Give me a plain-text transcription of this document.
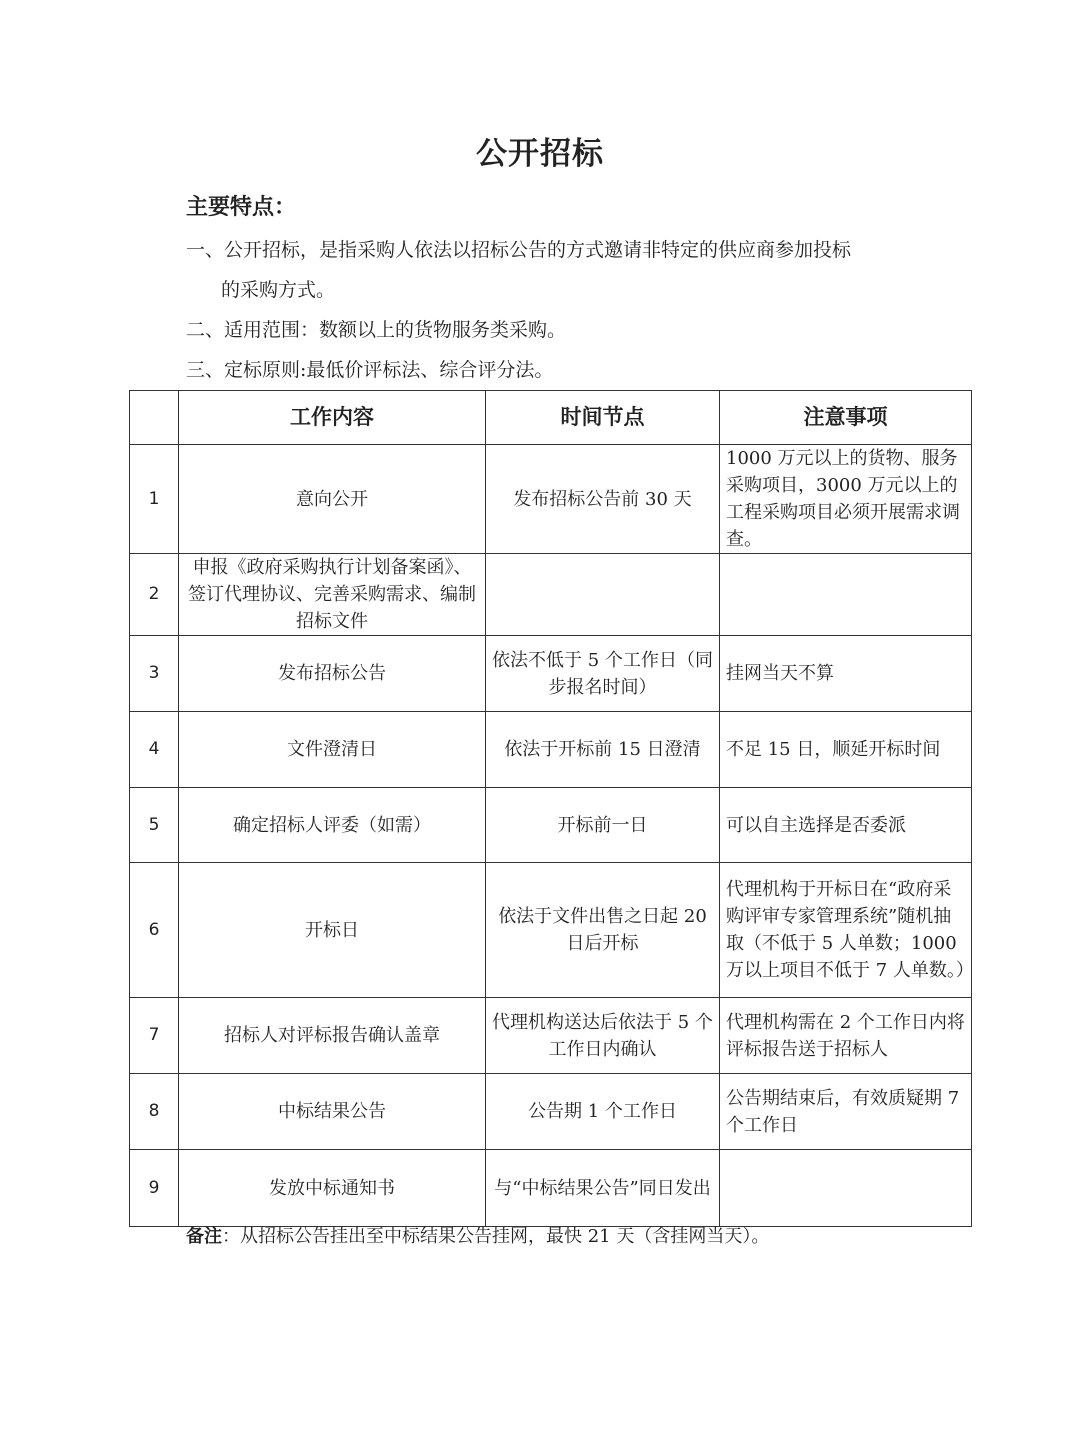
公开招标
主要特点：
一、公开招标，是指采购人依法以招标公告的方式邀请非特定的供应商参加投标
的采购方式。
二、适用范围：数额以上的货物服务类采购。
三、定标原则:最低价评标法、综合评分法。
	工作内容	时间节点	注意事项
1	意向公开	发布招标公告前 30 天	1000 万元以上的货物、服务采购项目，3000 万元以上的工程采购项目必须开展需求调查。
2	申报《政府采购执行计划备案函》、签订代理协议、完善采购需求、编制招标文件		
3	发布招标公告	依法不低于 5 个工作日（同步报名时间）	挂网当天不算
4	文件澄清日	依法于开标前 15 日澄清	不足 15 日，顺延开标时间
5	确定招标人评委（如需）	开标前一日	可以自主选择是否委派
6	开标日	依法于文件出售之日起 20 日后开标	代理机构于开标日在“政府采购评审专家管理系统”随机抽取（不低于 5 人单数；1000 万以上项目不低于 7 人单数。）
7	招标人对评标报告确认盖章	代理机构送达后依法于 5 个工作日内确认	代理机构需在 2 个工作日内将评标报告送于招标人
8	中标结果公告	公告期 1 个工作日	公告期结束后，有效质疑期 7 个工作日
9	发放中标通知书	与“中标结果公告”同日发出	
备注：从招标公告挂出至中标结果公告挂网，最快 21 天（含挂网当天）。
